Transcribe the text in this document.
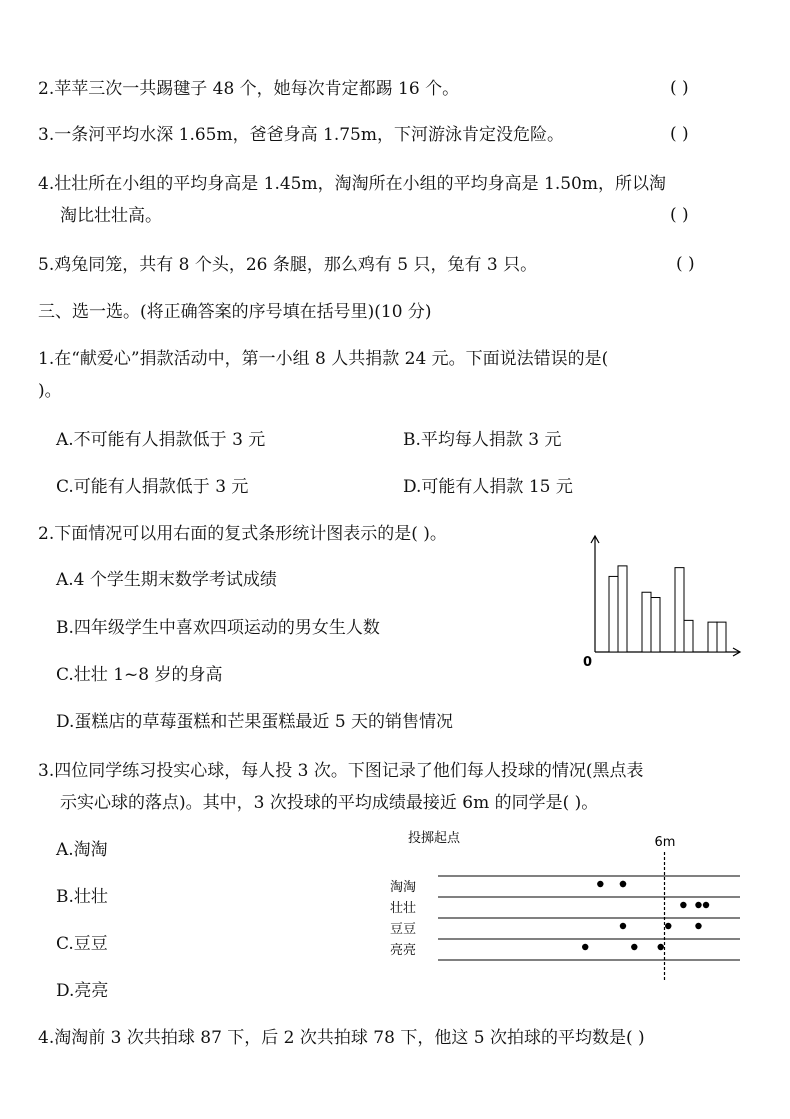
2.苹苹三次一共踢毽子 48 个，她每次肯定都踢 16 个。	( )
3.一条河平均水深 1.65m，爸爸身高 1.75m，下河游泳肯定没危险。	( )
4.壮壮所在小组的平均身高是 1.45m，淘淘所在小组的平均身高是 1.50m，所以淘
淘比壮壮高。	( )
5.鸡兔同笼，共有 8 个头，26 条腿，那么鸡有 5 只，兔有 3 只。	( )
三、选一选。(将正确答案的序号填在括号里)(10 分)
1.在“献爱心”捐款活动中，第一小组 8 人共捐款 24 元。下面说法错误的是(
)。
A.不可能有人捐款低于 3 元	B.平均每人捐款 3 元
C.可能有人捐款低于 3 元	D.可能有人捐款 15 元
2.下面情况可以用右面的复式条形统计图表示的是( )。
A.4 个学生期末数学考试成绩
B.四年级学生中喜欢四项运动的男女生人数
C.壮壮 1~8 岁的身高
D.蛋糕店的草莓蛋糕和芒果蛋糕最近 5 天的销售情况
0
3.四位同学练习投实心球，每人投 3 次。下图记录了他们每人投球的情况(黑点表
示实心球的落点)。其中，3 次投球的平均成绩最接近 6m 的同学是( )。
A.淘淘
B.壮壮
C.豆豆
D.亮亮
投掷起点	6m
淘淘
壮壮
豆豆
亮亮
4.淘淘前 3 次共拍球 87 下，后 2 次共拍球 78 下，他这 5 次拍球的平均数是( )
